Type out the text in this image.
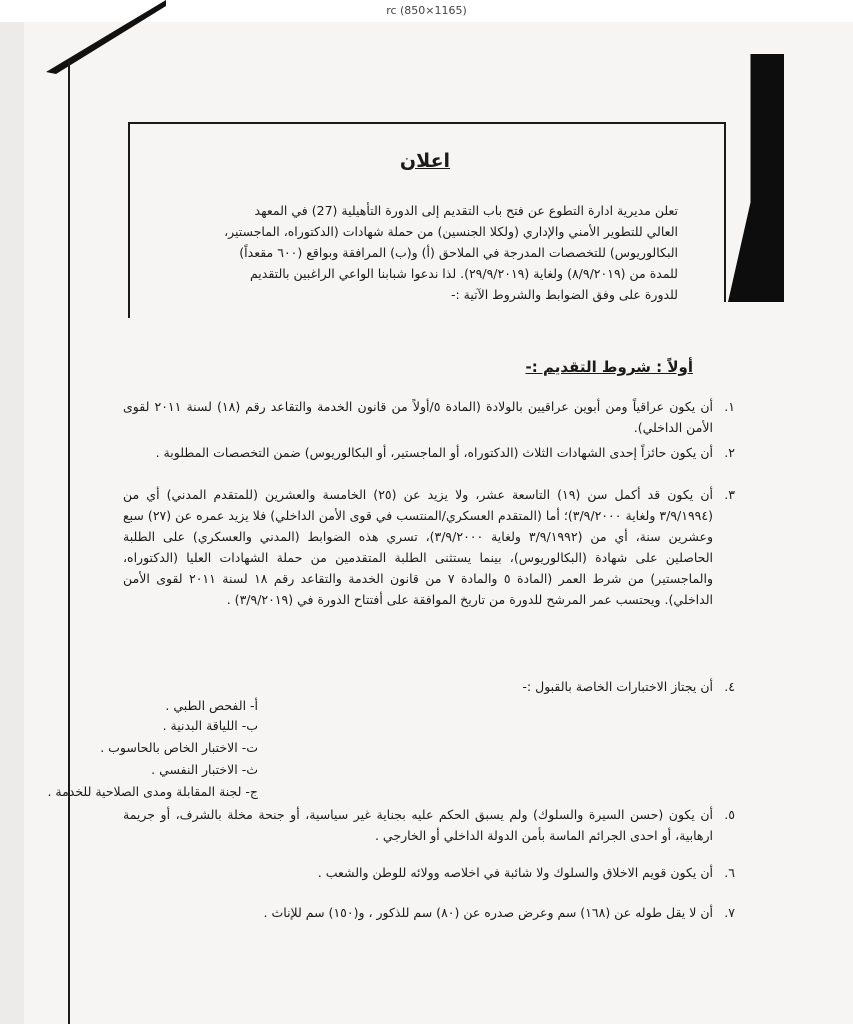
rc (850×1165)
اعلان

تعلن مديرية ادارة التطوع عن فتح باب التقديم إلى الدورة التأهيلية (27) في المعهد

العالي للتطوير الأمني والإداري (ولكلا الجنسين) من حملة شهادات (الدكتوراه، الماجستير،

البكالوريوس) للتخصصات المدرجة في الملاحق (أ) و(ب) المرافقة وبواقع (٦٠٠ مقعداً)

للمدة من (٨/٩/٢٠١٩) ولغاية (٢٩/٩/٢٠١٩). لذا ندعوا شبابنا الواعي الراغبين بالتقديم

للدورة على وفق الضوابط والشروط الآتية :-

أولاً : شروط التقديم :-
١.
أن يكون عراقياً ومن أبوين عراقيين بالولادة (المادة ٥/أولاً من قانون الخدمة والتقاعد رقم (١٨) لسنة ٢٠١١ لقوى الأمن الداخلي).
٢.
أن يكون حائزاً إحدى الشهادات الثلاث (الدكتوراه، أو الماجستير، أو البكالوريوس) ضمن التخصصات المطلوبة .
٣.
أن يكون قد أكمل سن (١٩) التاسعة عشر، ولا يزيد عن (٢٥) الخامسة والعشرين (للمتقدم المدني) أي من (٣/٩/١٩٩٤ ولغاية ٣/٩/٢٠٠٠)؛ أما (المتقدم العسكري/المنتسب في قوى الأمن الداخلي) فلا يزيد عمره عن (٢٧) سبع وعشرين سنة، أي من (٣/٩/١٩٩٢ ولغاية ٣/٩/٢٠٠٠)، تسري هذه الضوابط (المدني والعسكري) على الطلبة الحاصلين على شهادة (البكالوريوس)، بينما يستثنى الطلبة المتقدمين من حملة الشهادات العليا (الدكتوراه، والماجستير) من شرط العمر (المادة ٥ والمادة ٧ من قانون الخدمة والتقاعد رقم ١٨ لسنة ٢٠١١ لقوى الأمن الداخلي). ويحتسب عمر المرشح للدورة من تاريخ الموافقة على أفتتاح الدورة في (٣/٩/٢٠١٩) .
٤.
أن يجتاز الاختبارات الخاصة بالقبول :-
أ- الفحص الطبي .
ب- اللياقة البدنية .
ت- الاختبار الخاص بالحاسوب .
ث- الاختبار النفسي .
ج- لجنة المقابلة ومدى الصلاحية للخدمة .
٥.
أن يكون (حسن السيرة والسلوك) ولم يسبق الحكم عليه بجناية غير سياسية، أو جنحة مخلة بالشرف، أو جريمة ارهابية، أو احدى الجرائم الماسة بأمن الدولة الداخلي أو الخارجي .
٦.
أن يكون قويم الاخلاق والسلوك ولا شائبة في اخلاصه وولائه للوطن والشعب .
٧.
أن لا يقل طوله عن (١٦٨) سم وعرض صدره عن (٨٠) سم للذكور ، و(١٥٠) سم للإناث .
